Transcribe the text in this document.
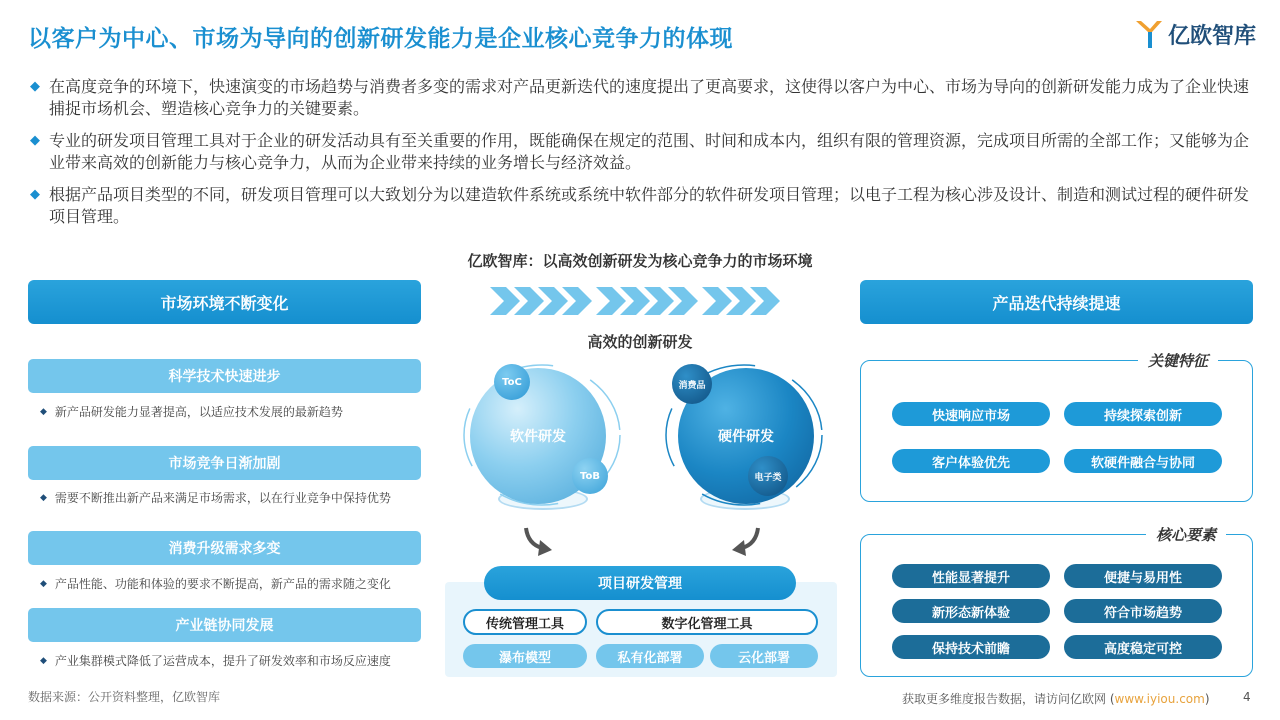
以客户为中心、市场为导向的创新研发能力是企业核心竞争力的体现	亿欧智库
◆ 在高度竞争的环境下，快速演变的市场趋势与消费者多变的需求对产品更新迭代的速度提出了更高要求，这使得以客户为中心、市场为导向的创新研发能力成为了企业快速捕捉市场机会、塑造核心竞争力的关键要素。
◆ 专业的研发项目管理工具对于企业的研发活动具有至关重要的作用，既能确保在规定的范围、时间和成本内，组织有限的管理资源，完成项目所需的全部工作；又能够为企业带来高效的创新能力与核心竞争力，从而为企业带来持续的业务增长与经济效益。
◆ 根据产品项目类型的不同，研发项目管理可以大致划分为以建造软件系统或系统中软件部分的软件研发项目管理；以电子工程为核心涉及设计、制造和测试过程的硬件研发项目管理。
亿欧智库：以高效创新研发为核心竞争力的市场环境
市场环境不断变化
科学技术快速进步
◆ 新产品研发能力显著提高，以适应技术发展的最新趋势
市场竞争日渐加剧
◆ 需要不断推出新产品来满足市场需求，以在行业竞争中保持优势
消费升级需求多变
◆ 产品性能、功能和体验的要求不断提高，新产品的需求随之变化
产业链协同发展
◆ 产业集群模式降低了运营成本，提升了研发效率和市场反应速度
高效的创新研发
软件研发	硬件研发
ToC
ToB
消费品
电子类
项目研发管理
传统管理工具	数字化管理工具
瀑布模型	私有化部署	云化部署
产品迭代持续提速
关键特征
快速响应市场	持续探索创新
客户体验优先	软硬件融合与协同
核心要素
性能显著提升	便捷与易用性
新形态新体验	符合市场趋势
保持技术前瞻	高度稳定可控
数据来源：公开资料整理，亿欧智库	获取更多维度报告数据，请访问亿欧网 (www.iyiou.com)	4
